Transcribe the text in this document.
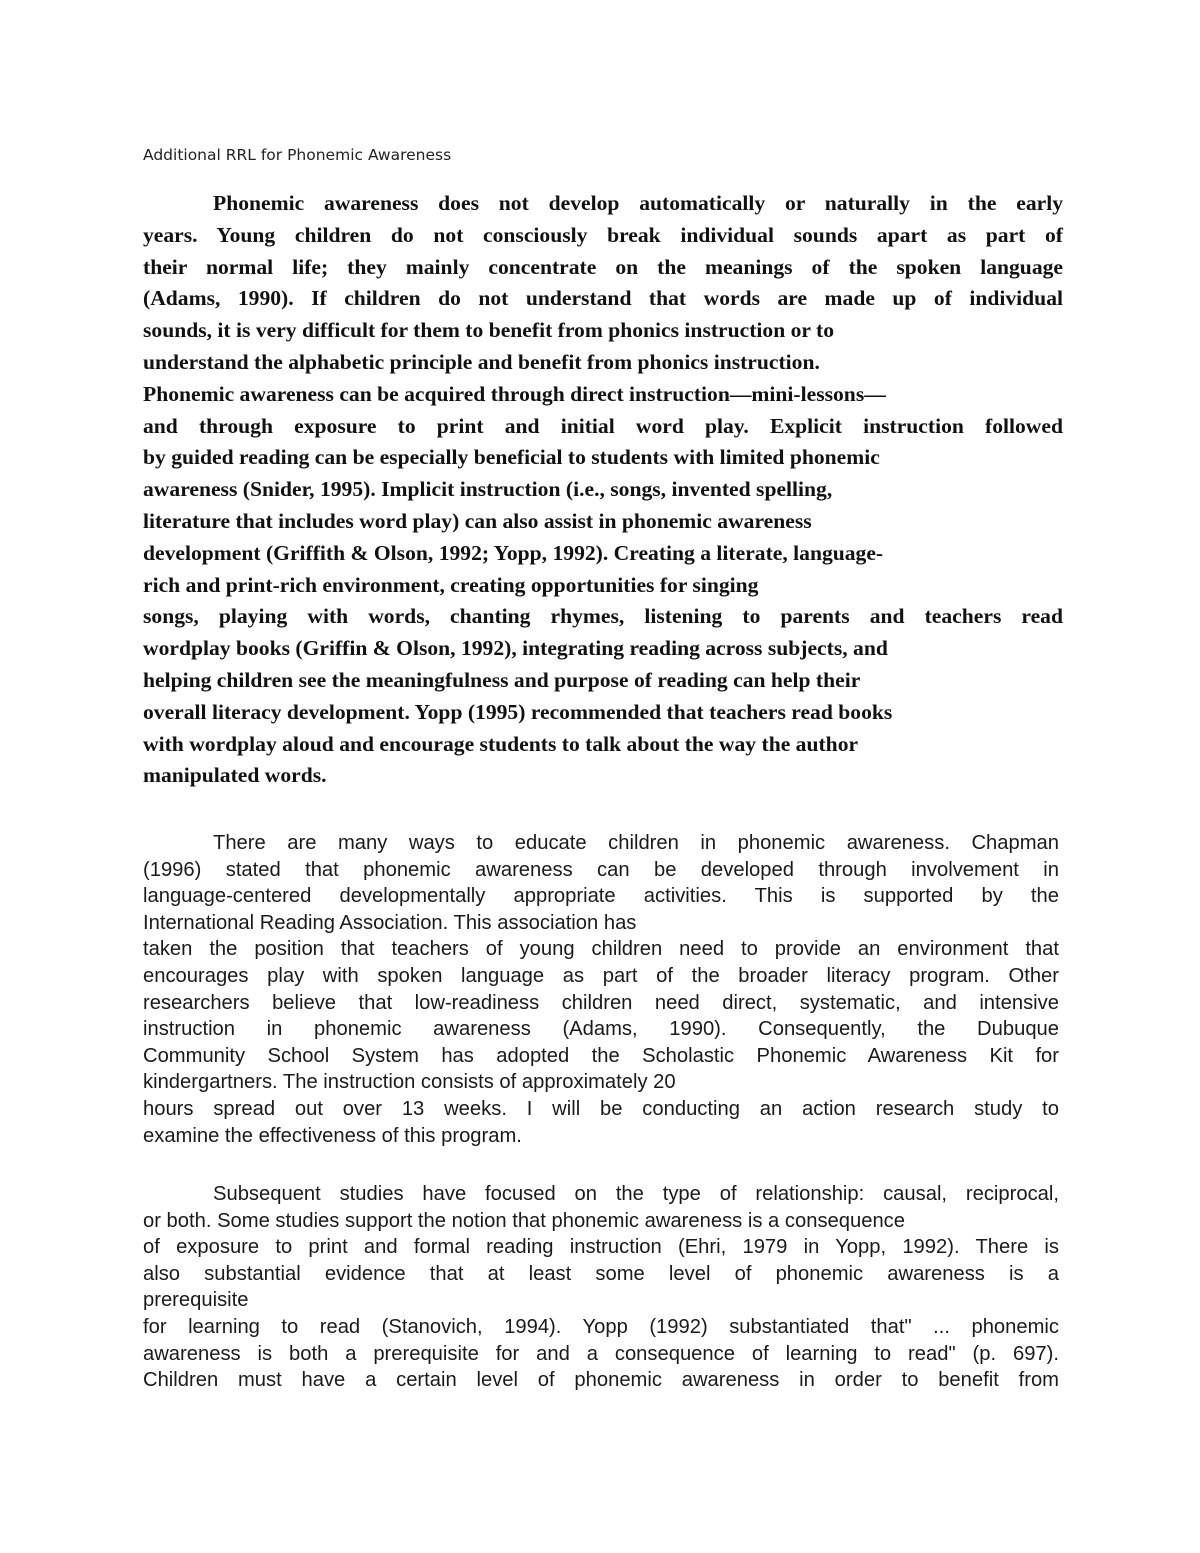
Additional RRL for Phonemic Awareness
Phonemic awareness does not develop automatically or naturally in the early
years. Young children do not consciously break individual sounds apart as part of
their normal life; they mainly concentrate on the meanings of the spoken language
(Adams, 1990). If children do not understand that words are made up of individual
sounds, it is very difficult for them to benefit from phonics instruction or to
understand the alphabetic principle and benefit from phonics instruction.
Phonemic awareness can be acquired through direct instruction—mini-lessons—
and through exposure to print and initial word play. Explicit instruction followed
by guided reading can be especially beneficial to students with limited phonemic
awareness (Snider, 1995). Implicit instruction (i.e., songs, invented spelling,
literature that includes word play) can also assist in phonemic awareness
development (Griffith & Olson, 1992; Yopp, 1992). Creating a literate, language-
rich and print-rich environment, creating opportunities for singing
songs, playing with words, chanting rhymes, listening to parents and teachers read
wordplay books (Griffin & Olson, 1992), integrating reading across subjects, and
helping children see the meaningfulness and purpose of reading can help their
overall literacy development. Yopp (1995) recommended that teachers read books
with wordplay aloud and encourage students to talk about the way the author
manipulated words.
There are many ways to educate children in phonemic awareness. Chapman
(1996) stated that phonemic awareness can be developed through involvement in
language-centered developmentally appropriate activities. This is supported by the
International Reading Association. This association has
taken the position that teachers of young children need to provide an environment that
encourages play with spoken language as part of the broader literacy program. Other
researchers believe that low-readiness children need direct, systematic, and intensive
instruction in phonemic awareness (Adams, 1990). Consequently, the Dubuque
Community School System has adopted the Scholastic Phonemic Awareness Kit for
kindergartners. The instruction consists of approximately 20
hours spread out over 13 weeks. I will be conducting an action research study to
examine the effectiveness of this program.
Subsequent studies have focused on the type of relationship: causal, reciprocal,
or both. Some studies support the notion that phonemic awareness is a consequence
of exposure to print and formal reading instruction (Ehri, 1979 in Yopp, 1992). There is
also substantial evidence that at least some level of phonemic awareness is a
prerequisite
for learning to read (Stanovich, 1994). Yopp (1992) substantiated that" ... phonemic
awareness is both a prerequisite for and a consequence of learning to read" (p. 697).
Children must have a certain level of phonemic awareness in order to benefit from
